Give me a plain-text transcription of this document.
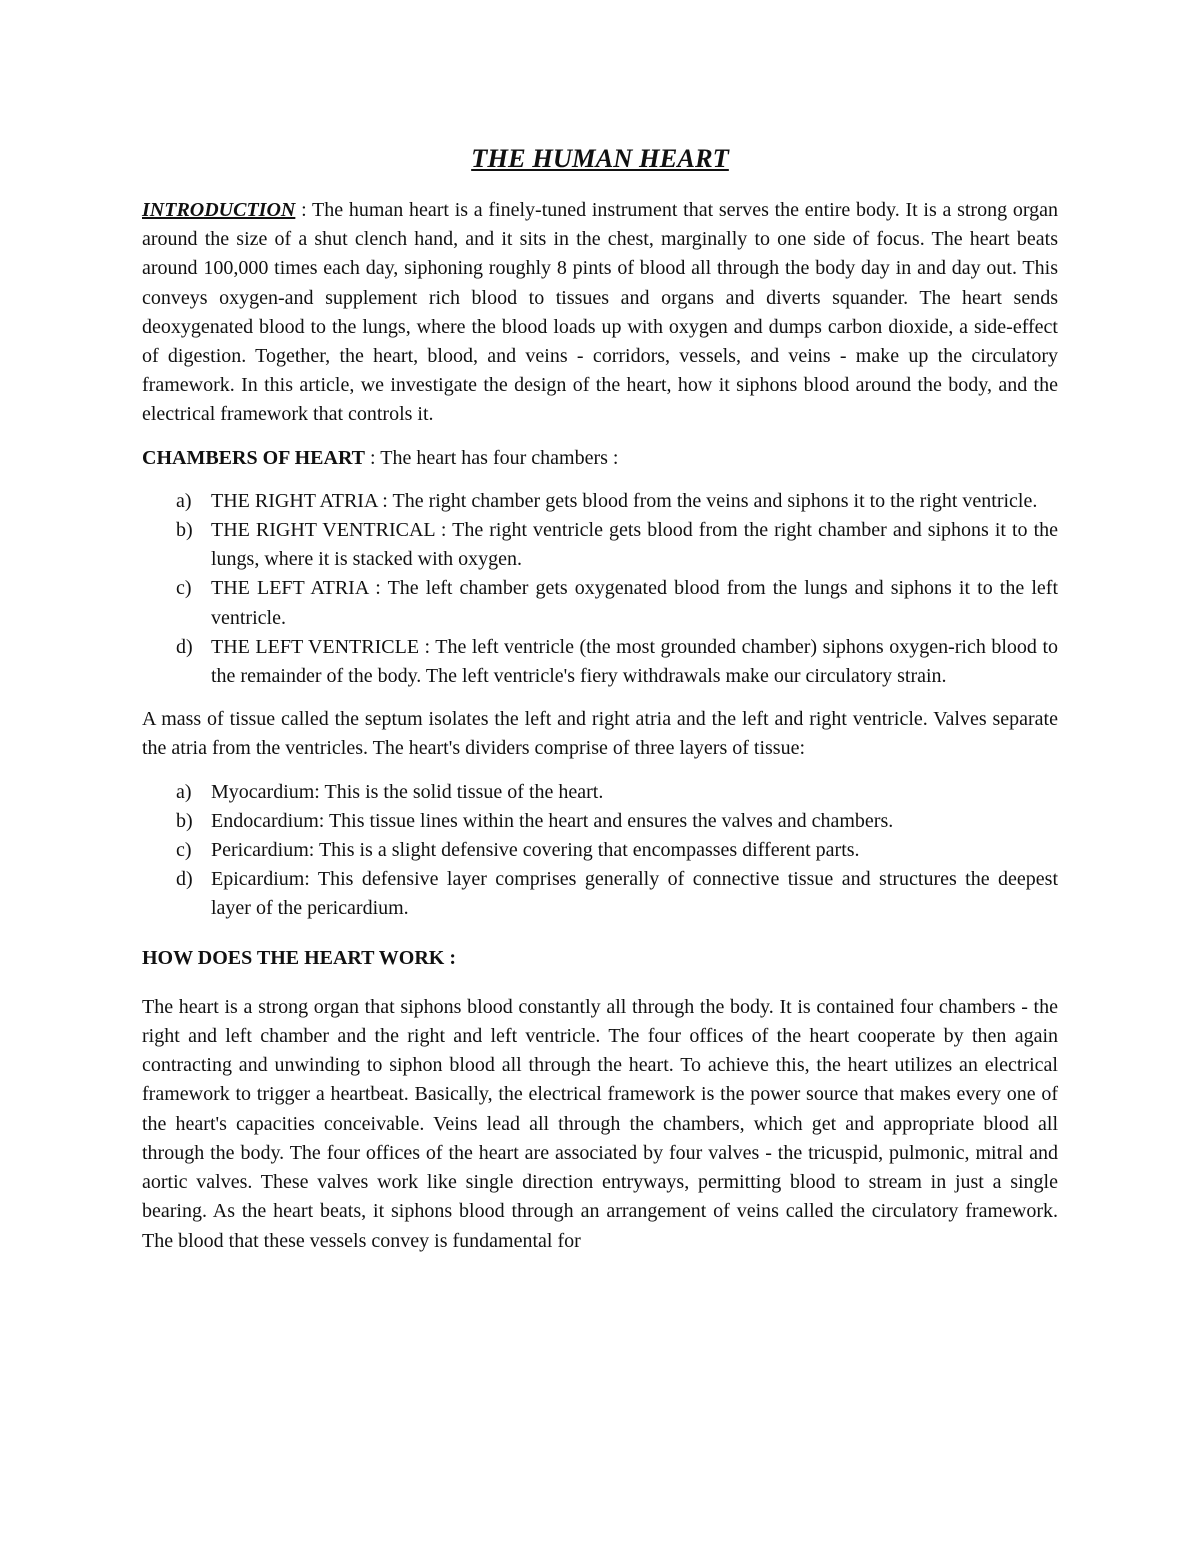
THE HUMAN HEART

INTRODUCTION : The human heart is a finely-tuned instrument that serves the entire body. It is a strong organ around the size of a shut clench hand, and it sits in the chest, marginally to one side of focus. The heart beats around 100,000 times each day, siphoning roughly 8 pints of blood all through the body day in and day out. This conveys oxygen-and supplement rich blood to tissues and organs and diverts squander. The heart sends deoxygenated blood to the lungs, where the blood loads up with oxygen and dumps carbon dioxide, a side-effect of digestion. Together, the heart, blood, and veins - corridors, vessels, and veins - make up the circulatory framework. In this article, we investigate the design of the heart, how it siphons blood around the body, and the electrical framework that controls it.

CHAMBERS OF HEART : The heart has four chambers :

a) THE RIGHT ATRIA : The right chamber gets blood from the veins and siphons it to the right ventricle.
b) THE RIGHT VENTRICAL : The right ventricle gets blood from the right chamber and siphons it to the lungs, where it is stacked with oxygen.
c) THE LEFT ATRIA : The left chamber gets oxygenated blood from the lungs and siphons it to the left ventricle.
d) THE LEFT VENTRICLE : The left ventricle (the most grounded chamber) siphons oxygen-rich blood to the remainder of the body. The left ventricle's fiery withdrawals make our circulatory strain.

A mass of tissue called the septum isolates the left and right atria and the left and right ventricle. Valves separate the atria from the ventricles. The heart's dividers comprise of three layers of tissue:

a) Myocardium: This is the solid tissue of the heart.
b) Endocardium: This tissue lines within the heart and ensures the valves and chambers.
c) Pericardium: This is a slight defensive covering that encompasses different parts.
d) Epicardium: This defensive layer comprises generally of connective tissue and structures the deepest layer of the pericardium.
HOW DOES THE HEART WORK :

The heart is a strong organ that siphons blood constantly all through the body. It is contained four chambers - the right and left chamber and the right and left ventricle. The four offices of the heart cooperate by then again contracting and unwinding to siphon blood all through the heart. To achieve this, the heart utilizes an electrical framework to trigger a heartbeat. Basically, the electrical framework is the power source that makes every one of the heart's capacities conceivable. Veins lead all through the chambers, which get and appropriate blood all through the body. The four offices of the heart are associated by four valves - the tricuspid, pulmonic, mitral and aortic valves. These valves work like single direction entryways, permitting blood to stream in just a single bearing. As the heart beats, it siphons blood through an arrangement of veins called the circulatory framework. The blood that these vessels convey is fundamental for
